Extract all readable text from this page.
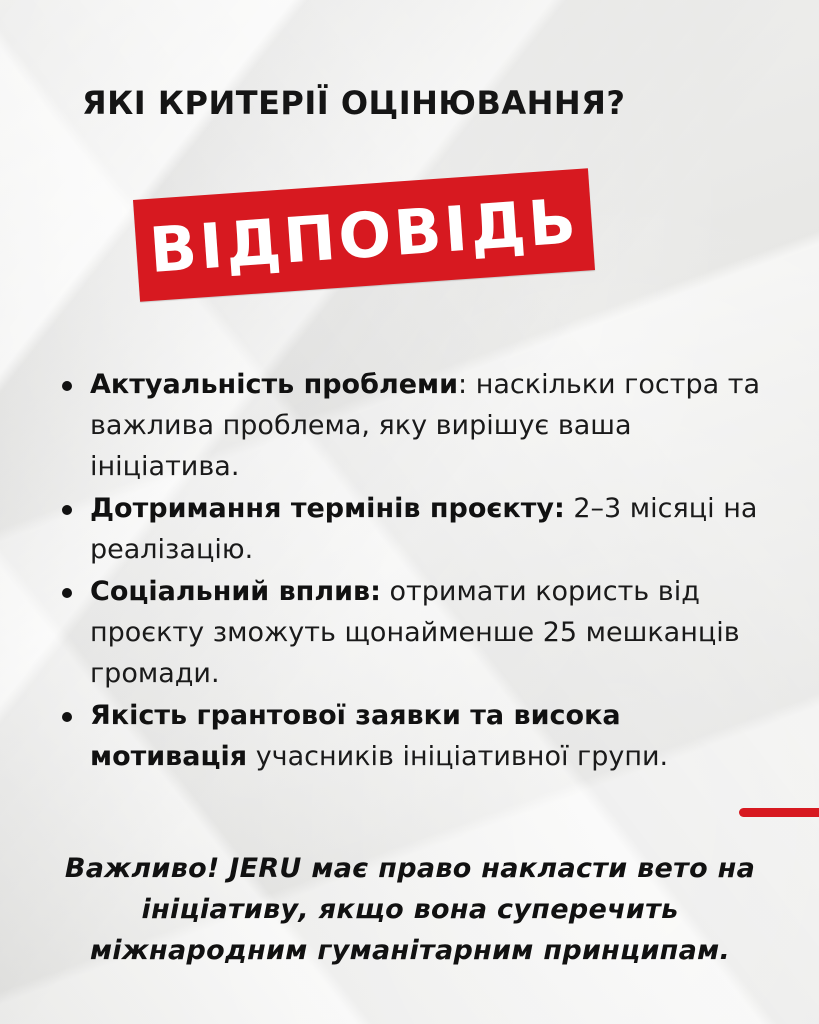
ЯКІ КРИТЕРІЇ ОЦІНЮВАННЯ?
ВІДПОВІДЬ
Актуальність проблеми: наскільки гостра та важлива проблема, яку вирішує ваша ініціатива.
Дотримання термінів проєкту: 2–3 місяці на реалізацію.
Соціальний вплив: отримати користь від проєкту зможуть щонайменше 25 мешканців громади.
Якість грантової заявки та висока мотивація учасників ініціативної групи.
Важливо! JERU має право накласти вето на ініціативу, якщо вона суперечить міжнародним гуманітарним принципам.
